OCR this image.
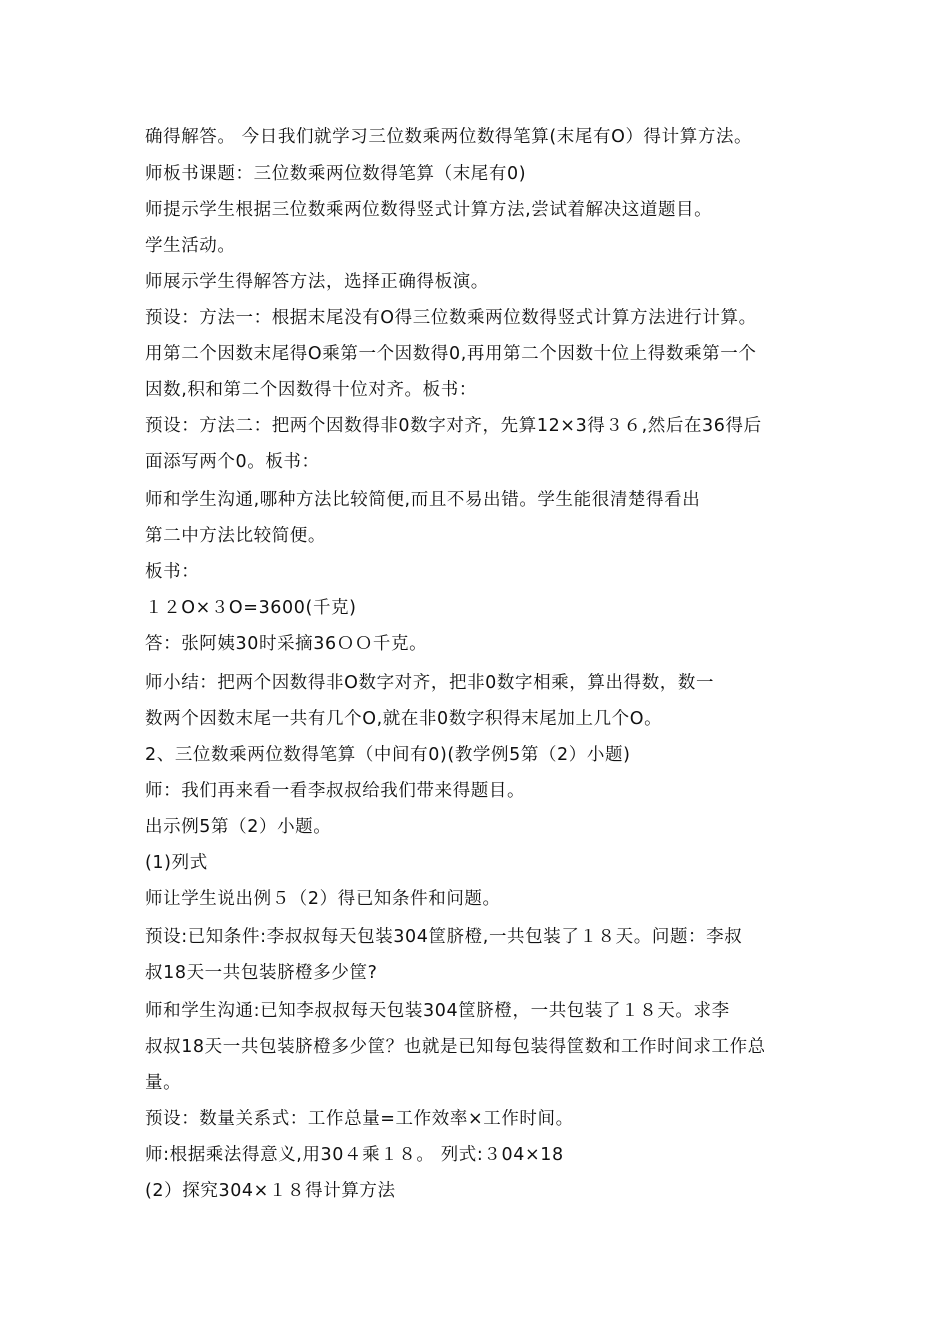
确得解答。 今日我们就学习三位数乘两位数得笔算(末尾有O）得计算方法。
师板书课题：三位数乘两位数得笔算（末尾有0)
师提示学生根据三位数乘两位数得竖式计算方法,尝试着解决这道题目。
学生活动。
师展示学生得解答方法，选择正确得板演。
预设：方法一：根据末尾没有O得三位数乘两位数得竖式计算方法进行计算。
用第二个因数末尾得O乘第一个因数得0,再用第二个因数十位上得数乘第一个
因数,积和第二个因数得十位对齐。板书：
预设：方法二：把两个因数得非0数字对齐，先算12×3得３６,然后在36得后
面添写两个0。板书：
师和学生沟通,哪种方法比较简便,而且不易出错。学生能很清楚得看出
第二中方法比较简便。
板书：
１２O×３O=3600(千克)
答：张阿姨30时采摘36ＯＯ千克。
师小结：把两个因数得非O数字对齐，把非0数字相乘，算出得数，数一
数两个因数末尾一共有几个O,就在非0数字积得末尾加上几个O。
2、三位数乘两位数得笔算（中间有0)(教学例5第（2）小题)
师：我们再来看一看李叔叔给我们带来得题目。
出示例5第（2）小题。
(1)列式
师让学生说出例５（2）得已知条件和问题。
预设:已知条件:李叔叔每天包装304筐脐橙,一共包装了１８天。问题：李叔
叔18天一共包装脐橙多少筐?
师和学生沟通:已知李叔叔每天包装304筐脐橙，一共包装了１８天。求李
叔叔18天一共包装脐橙多少筐？也就是已知每包装得筐数和工作时间求工作总
量。
预设：数量关系式：工作总量=工作效率×工作时间。
师:根据乘法得意义,用30４乘１８。 列式:３04×18
(2）探究304×１８得计算方法
